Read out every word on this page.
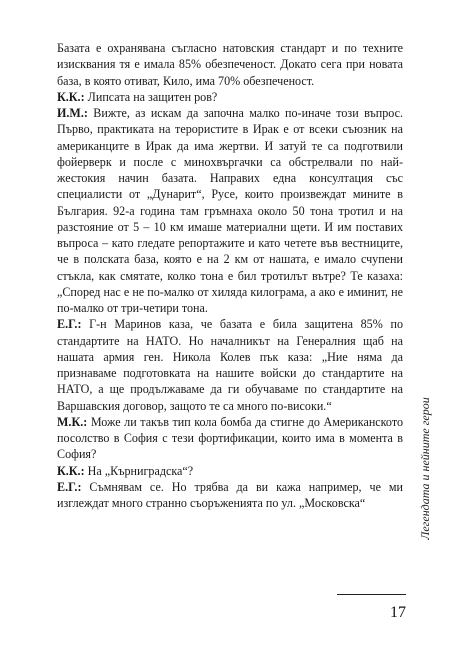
Базата е охранявана съгласно натовския стандарт и по техните изисквания тя е имала 85% обезпеченост. Докато сега при новата база, в която отиват, Кило, има 70% обезпеченост.

К.К.: Липсата на защитен ров?

И.М.: Вижте, аз искам да започна малко по-иначе този въпрос. Първо, практиката на терористите в Ирак е от всеки съюзник на американците в Ирак да има жертви. И затуй те са подготвили фойерверк и после с миноxвъргачки са обстрелвали по най-жестокия начин базата. Направих една консултация със специалисти от „Дунарит“, Русе, които произвеждат мините в България. 92-а година там гръмнаха около 50 тона тротил и на разстояние от 5 – 10 км имаше материални щети. И им поставих въпроса – като гледате репортажите и като четете във вестниците, че в полската база, която е на 2 км от нашата, е имало счупени стъкла, как смятате, колко тона е бил тротилът вътре? Те казаха: „Според нас е не по-малко от хиляда килограма, а ако е иминит, не по-малко от три-четири тона.

Е.Г.: Г-н Маринов каза, че базата е била защитена 85% по стандартите на НАТО. Но началникът на Генералния щаб на нашата армия ген. Никола Колев пък каза: „Ние няма да признаваме подготовката на нашите войски до стандартите на НАТО, а ще продължаваме да ги обучаваме по стандартите на Варшавския договор, защото те са много по-високи.“

М.К.: Може ли такъв тип кола бомба да стигне до Американското посолство в София с тези фортификации, които има в момента в София?

К.К.: На „Кърнигрaдска“?

Е.Г.: Съмнявам се. Но трябва да ви кажа например, че ми изглеждат много странно съоръженията по ул. „Московска“	Легендата и нейните герои
17
